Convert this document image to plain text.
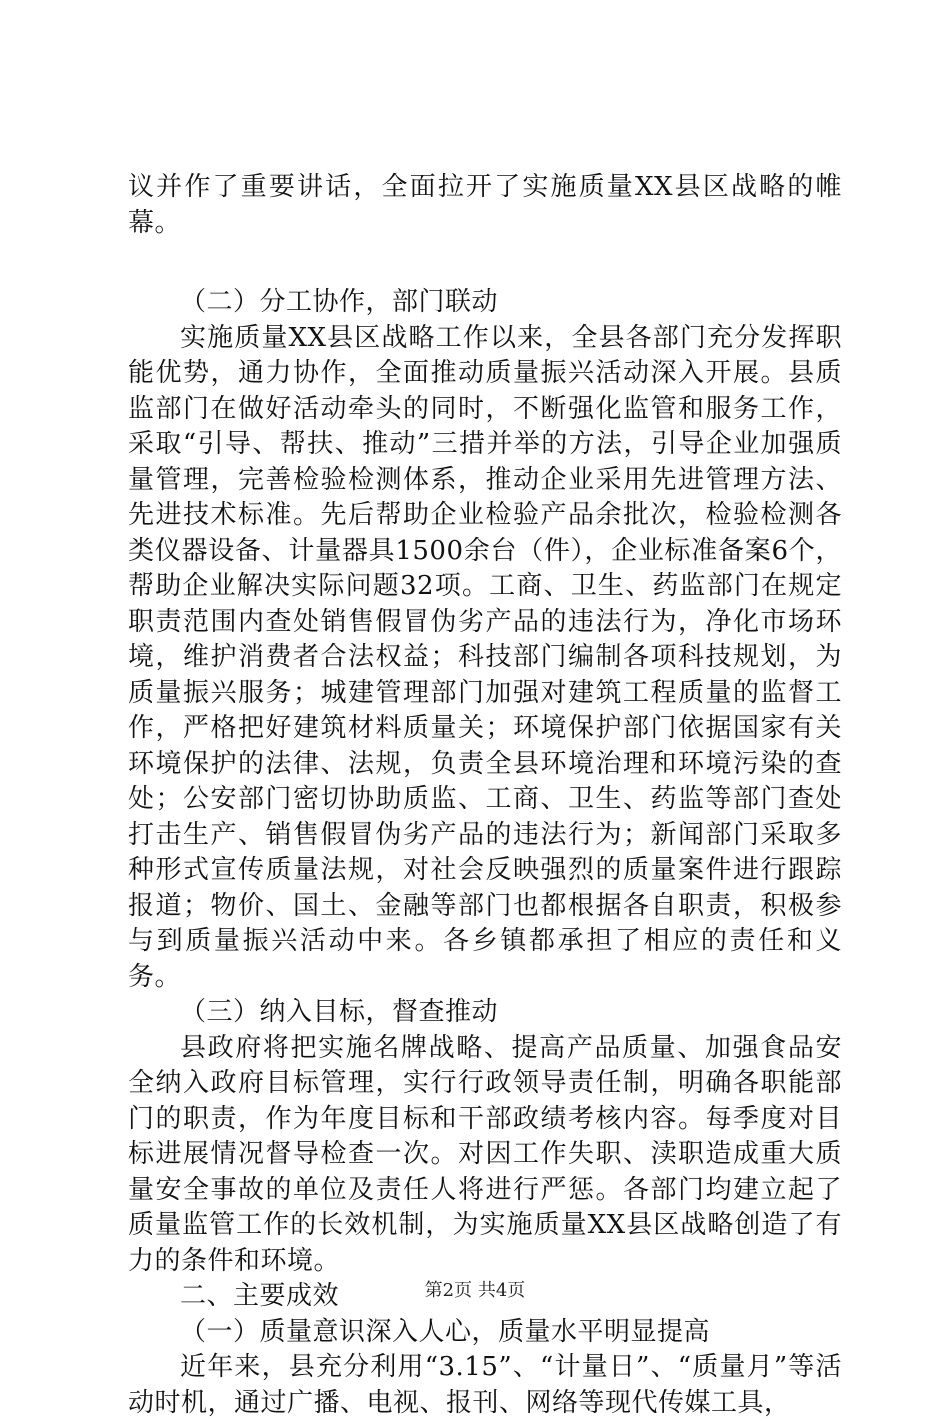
议并作了重要讲话，全面拉开了实施质量XX县区战略的帷幕。

（二）分工协作，部门联动

实施质量XX县区战略工作以来，全县各部门充分发挥职能优势，通力协作，全面推动质量振兴活动深入开展。县质监部门在做好活动牵头的同时，不断强化监管和服务工作，采取“引导、帮扶、推动”三措并举的方法，引导企业加强质量管理，完善检验检测体系，推动企业采用先进管理方法、先进技术标准。先后帮助企业检验产品余批次，检验检测各类仪器设备、计量器具1500余台（件），企业标准备案6个，帮助企业解决实际问题32项。工商、卫生、药监部门在规定职责范围内查处销售假冒伪劣产品的违法行为，净化市场环境，维护消费者合法权益；科技部门编制各项科技规划，为质量振兴服务；城建管理部门加强对建筑工程质量的监督工作，严格把好建筑材料质量关；环境保护部门依据国家有关环境保护的法律、法规，负责全县环境治理和环境污染的查处；公安部门密切协助质监、工商、卫生、药监等部门查处打击生产、销售假冒伪劣产品的违法行为；新闻部门采取多种形式宣传质量法规，对社会反映强烈的质量案件进行跟踪报道；物价、国土、金融等部门也都根据各自职责，积极参与到质量振兴活动中来。各乡镇都承担了相应的责任和义务。

（三）纳入目标，督查推动

县政府将把实施名牌战略、提高产品质量、加强食品安全纳入政府目标管理，实行行政领导责任制，明确各职能部门的职责，作为年度目标和干部政绩考核内容。每季度对目标进展情况督导检查一次。对因工作失职、渎职造成重大质量安全事故的单位及责任人将进行严惩。各部门均建立起了质量监管工作的长效机制，为实施质量XX县区战略创造了有力的条件和环境。

二、主要成效

（一）质量意识深入人心，质量水平明显提高

近年来，县充分利用“3.15”、“计量日”、“质量月”等活动时机，通过广播、电视、报刊、网络等现代传媒工具，

第2页 共4页
